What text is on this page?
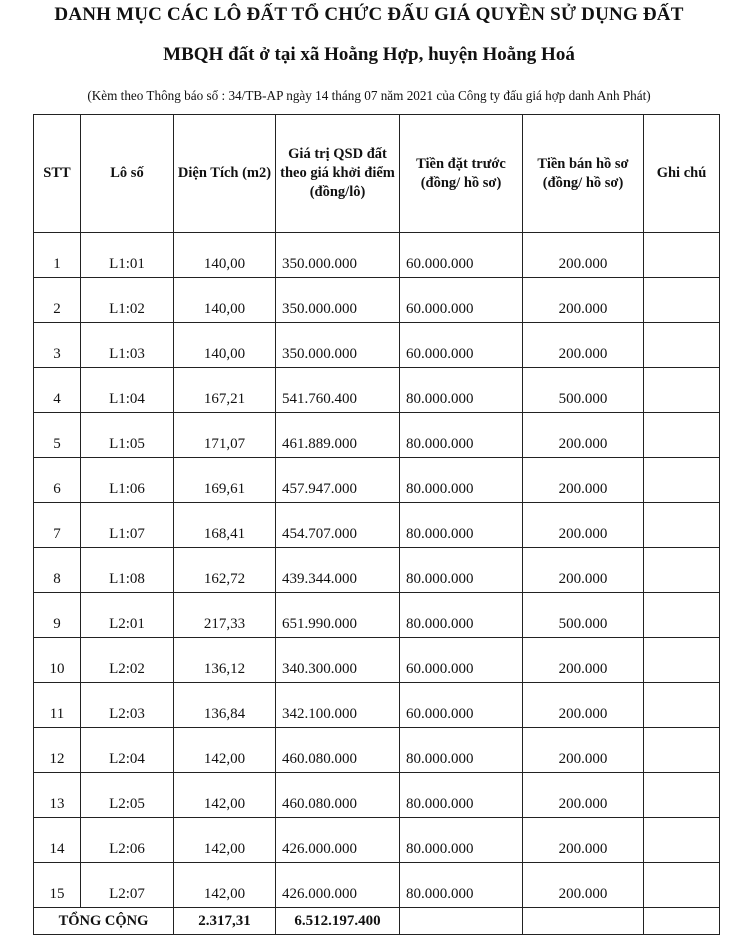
DANH MỤC CÁC LÔ ĐẤT TỔ CHỨC ĐẤU GIÁ QUYỀN SỬ DỤNG ĐẤT
MBQH đất ở tại xã Hoằng Hợp, huyện Hoằng Hoá
(Kèm theo Thông báo số : 34/TB-AP ngày 14 tháng 07 năm 2021 của Công ty đấu giá hợp danh Anh Phát)
STT	Lô số	Diện Tích (m2)	Giá trị QSD đất theo giá khởi điểm (đồng/lô)	Tiền đặt trước (đồng/ hồ sơ)	Tiền bán hồ sơ (đồng/ hồ sơ)	Ghi chú
1	L1:01	140,00	350.000.000	60.000.000	200.000	
2	L1:02	140,00	350.000.000	60.000.000	200.000	
3	L1:03	140,00	350.000.000	60.000.000	200.000	
4	L1:04	167,21	541.760.400	80.000.000	500.000	
5	L1:05	171,07	461.889.000	80.000.000	200.000	
6	L1:06	169,61	457.947.000	80.000.000	200.000	
7	L1:07	168,41	454.707.000	80.000.000	200.000	
8	L1:08	162,72	439.344.000	80.000.000	200.000	
9	L2:01	217,33	651.990.000	80.000.000	500.000	
10	L2:02	136,12	340.300.000	60.000.000	200.000	
11	L2:03	136,84	342.100.000	60.000.000	200.000	
12	L2:04	142,00	460.080.000	80.000.000	200.000	
13	L2:05	142,00	460.080.000	80.000.000	200.000	
14	L2:06	142,00	426.000.000	80.000.000	200.000	
15	L2:07	142,00	426.000.000	80.000.000	200.000	
TỔNG CỘNG		2.317,31	6.512.197.400			
